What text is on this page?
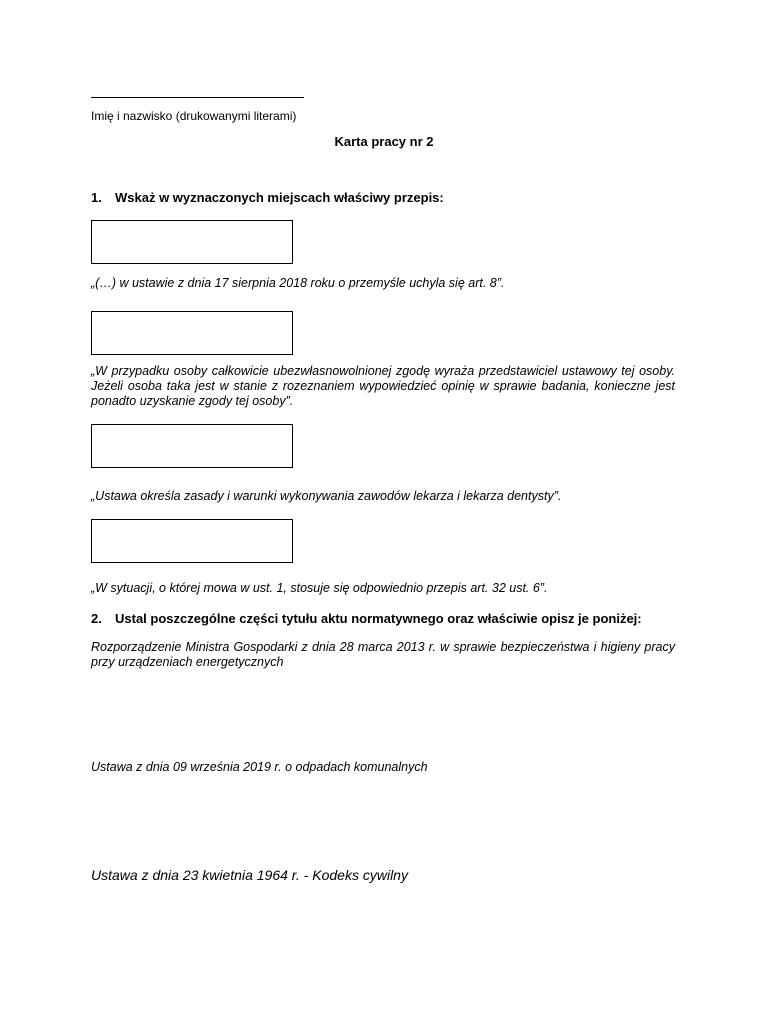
Imię i nazwisko (drukowanymi literami)
Karta pracy nr 2
1. Wskaż w wyznaczonych miejscach właściwy przepis:
„(…) w ustawie z dnia 17 sierpnia 2018 roku o przemyśle uchyla się art. 8”.
„W przypadku osoby całkowicie ubezwłasnowolnionej zgodę wyraża przedstawiciel ustawowy tej osoby. Jeżeli osoba taka jest w stanie z rozeznaniem wypowiedzieć opinię w sprawie badania, konieczne jest ponadto uzyskanie zgody tej osoby”.
„Ustawa określa zasady i warunki wykonywania zawodów lekarza i lekarza dentysty”.
„W sytuacji, o której mowa w ust. 1, stosuje się odpowiednio przepis art. 32 ust. 6”.
2. Ustal poszczególne części tytułu aktu normatywnego oraz właściwie opisz je poniżej:
Rozporządzenie Ministra Gospodarki z dnia 28 marca 2013 r. w sprawie bezpieczeństwa i higieny pracy przy urządzeniach energetycznych
Ustawa z dnia 09 września 2019 r. o odpadach komunalnych
Ustawa z dnia 23 kwietnia 1964 r. - Kodeks cywilny
